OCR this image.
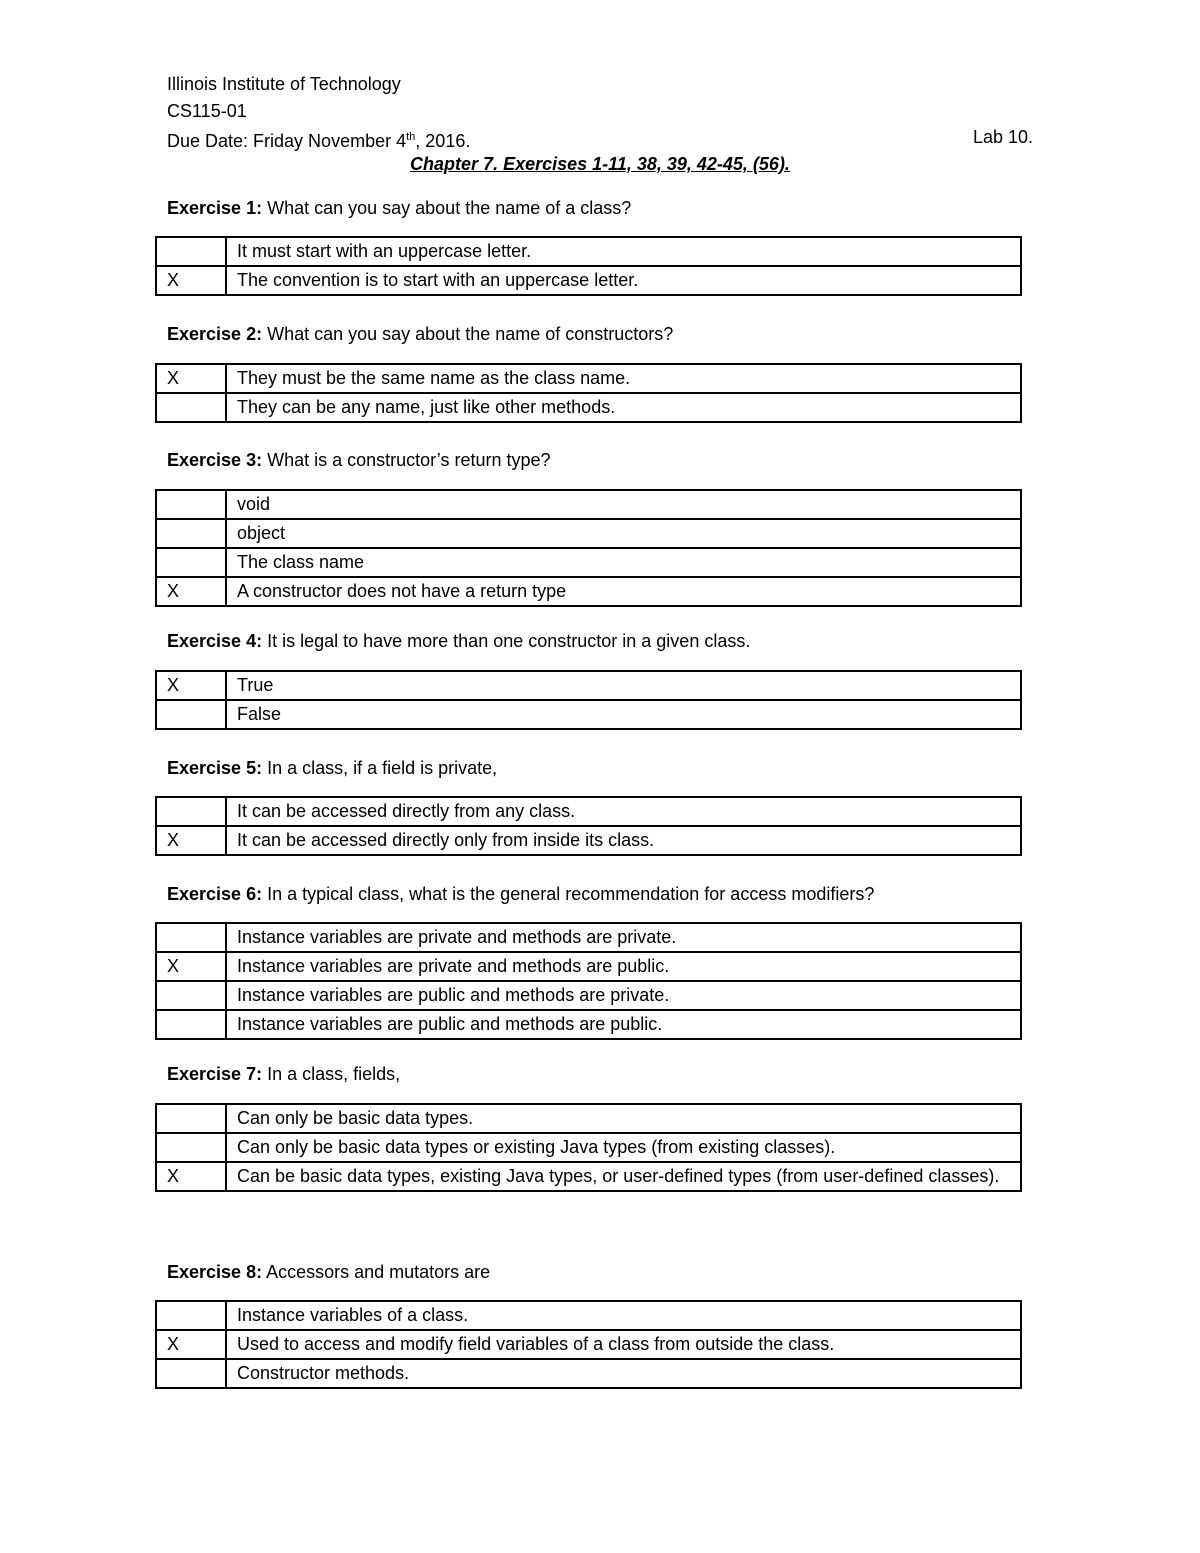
Illinois Institute of Technology
CS115-01
Due Date: Friday November 4th, 2016.	Lab 10.
Chapter 7. Exercises 1-11, 38, 39, 42-45, (56).
Exercise 1: What can you say about the name of a class?
	It must start with an uppercase letter.
X	The convention is to start with an uppercase letter.
Exercise 2: What can you say about the name of constructors?
X	They must be the same name as the class name.
	They can be any name, just like other methods.
Exercise 3: What is a constructor’s return type?
	void
	object
	The class name
X	A constructor does not have a return type
Exercise 4: It is legal to have more than one constructor in a given class.
X	True
	False
Exercise 5: In a class, if a field is private,
	It can be accessed directly from any class.
X	It can be accessed directly only from inside its class.
Exercise 6: In a typical class, what is the general recommendation for access modifiers?
	Instance variables are private and methods are private.
X	Instance variables are private and methods are public.
	Instance variables are public and methods are private.
	Instance variables are public and methods are public.
Exercise 7: In a class, fields,
	Can only be basic data types.
	Can only be basic data types or existing Java types (from existing classes).
X	Can be basic data types, existing Java types, or user-defined types (from user-defined classes).
Exercise 8: Accessors and mutators are
	Instance variables of a class.
X	Used to access and modify field variables of a class from outside the class.
	Constructor methods.
